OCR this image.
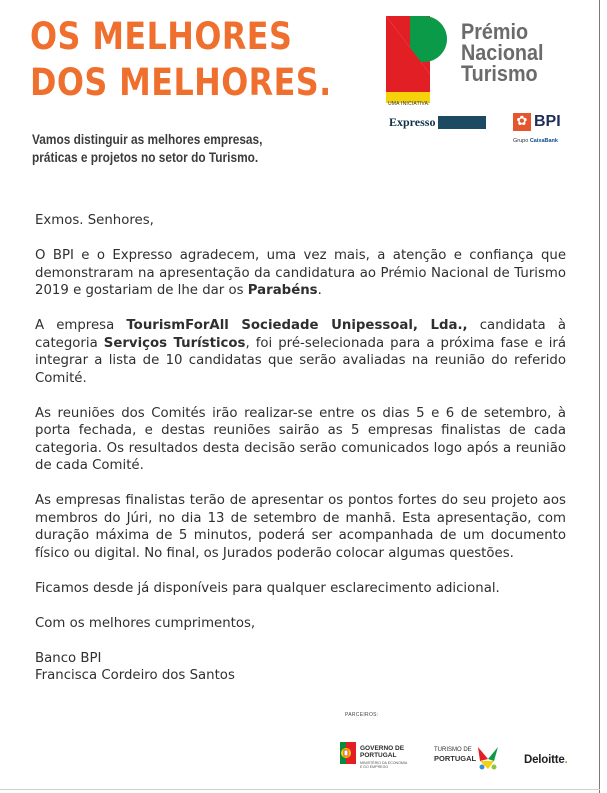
OS MELHORES
DOS MELHORES.
Vamos distinguir as melhores empresas,
práticas e projetos no setor do Turismo.
Prémio
Nacional
Turismo
UMA INICIATIVA:
Expresso	✿ BPI
Grupo CaixaBank

Exmos. Senhores,

O BPI e o Expresso agradecem, uma vez mais, a atenção e confiança que demonstraram na apresentação da candidatura ao Prémio Nacional de Turismo 2019 e gostariam de lhe dar os Parabéns.

A empresa TourismForAll Sociedade Unipessoal, Lda., candidata à categoria Serviços Turísticos, foi pré-selecionada para a próxima fase e irá integrar a lista de 10 candidatas que serão avaliadas na reunião do referido Comité.

As reuniões dos Comités irão realizar-se entre os dias 5 e 6 de setembro, à porta fechada, e destas reuniões sairão as 5 empresas finalistas de cada categoria. Os resultados desta decisão serão comunicados logo após a reunião de cada Comité.

As empresas finalistas terão de apresentar os pontos fortes do seu projeto aos membros do Júri, no dia 13 de setembro de manhã. Esta apresentação, com duração máxima de 5 minutos, poderá ser acompanhada de um documento físico ou digital. No final, os Jurados poderão colocar algumas questões.

Ficamos desde já disponíveis para qualquer esclarecimento adicional.

Com os melhores cumprimentos,

Banco BPI
Francisca Cordeiro dos Santos

PARCEIROS:
GOVERNO DE
PORTUGAL
MINISTÉRIO DA ECONOMIA
E DO EMPREGO
TURISMO DE
PORTUGAL	Deloitte.
